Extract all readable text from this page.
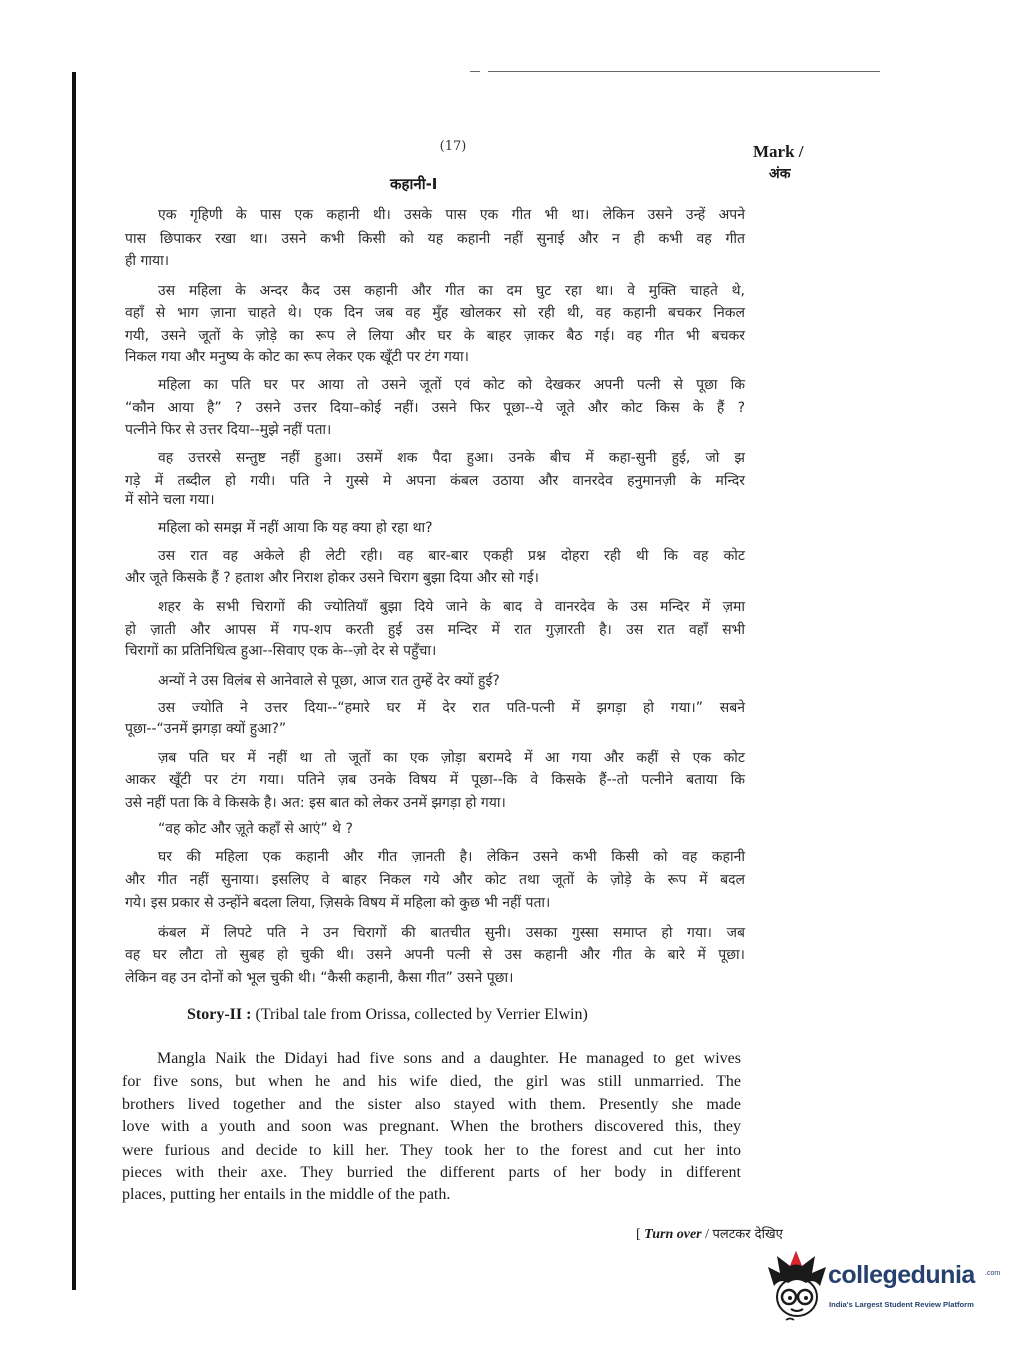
(17)	Mark /
अंक
कहानी-I
एक गृहिणी के पास एक कहानी थी। उसके पास एक गीत भी था। लेकिन उसने उन्हें अपने
पास छिपाकर रखा था। उसने कभी किसी को यह कहानी नहीं सुनाई और न ही कभी वह गीत
ही गाया।
उस महिला के अन्दर कैद उस कहानी और गीत का दम घुट रहा था। वे मुक्ति चाहते थे,
वहाँ से भाग ज़ाना चाहते थे। एक दिन जब वह मुँह खोलकर सो रही थी, वह कहानी बचकर निकल
गयी, उसने जूतों के ज़ोड़े का रूप ले लिया और घर के बाहर ज़ाकर बैठ गई। वह गीत भी बचकर
निकल गया और मनुष्य के कोट का रूप लेकर एक खूँटी पर टंग गया।
महिला का पति घर पर आया तो उसने जूतों एवं कोट को देखकर अपनी पत्नी से पूछा कि
“कौन आया है” ? उसने उत्तर दिया–कोई नहीं। उसने फिर पूछा--ये जूते और कोट किस के हैं ?
पत्नीने फिर से उत्तर दिया--मुझे नहीं पता।
वह उत्तरसे सन्तुष्ट नहीं हुआ। उसमें शक पैदा हुआ। उनके बीच में कहा-सुनी हुई, जो झ
गड़े में तब्दील हो गयी। पति ने गुस्से मे अपना कंबल उठाया और वानरदेव हनुमानज़ी के मन्दिर
में सोने चला गया।
महिला को समझ में नहीं आया कि यह क्या हो रहा था?
उस रात वह अकेले ही लेटी रही। वह बार-बार एकही प्रश्न दोहरा रही थी कि वह कोट
और जूते किसके हैं ? हताश और निराश होकर उसने चिराग बुझा दिया और सो गई।
शहर के सभी चिरागों की ज्योतियाँ बुझा दिये जाने के बाद वे वानरदेव के उस मन्दिर में ज़मा
हो ज़ाती और आपस में गप-शप करती हुई उस मन्दिर में रात गुज़ारती है। उस रात वहाँ सभी
चिरागों का प्रतिनिधित्व हुआ--सिवाए एक के--ज़ो देर से पहुँचा।
अन्यों ने उस विलंब से आनेवाले से पूछा, आज रात तुम्हें देर क्यों हुई?
उस ज्योति ने उत्तर दिया--“हमारे घर में देर रात पति-पत्नी में झगड़ा हो गया।” सबने
पूछा--“उनमें झगड़ा क्यों हुआ?”
ज़ब पति घर में नहीं था तो जूतों का एक ज़ोड़ा बरामदे में आ गया और कहीं से एक कोट
आकर खूँटी पर टंग गया। पतिने ज़ब उनके विषय में पूछा--कि वे किसके हैं--तो पत्नीने बताया कि
उसे नहीं पता कि वे किसके है। अत: इस बात को लेकर उनमें झगड़ा हो गया।
“वह कोट और ज़ूते कहाँ से आएं” थे ?
घर की महिला एक कहानी और गीत ज़ानती है। लेकिन उसने कभी किसी को वह कहानी
और गीत नहीं सुनाया। इसलिए वे बाहर निकल गये और कोट तथा जूतों के ज़ोड़े के रूप में बदल
गये। इस प्रकार से उन्होंने बदला लिया, ज़िसके विषय में महिला को कुछ भी नहीं पता।
कंबल में लिपटे पति ने उन चिरागों की बातचीत सुनी। उसका गुस्सा समाप्त हो गया। जब
वह घर लौटा तो सुबह हो चुकी थी। उसने अपनी पत्नी से उस कहानी और गीत के बारे में पूछा।
लेकिन वह उन दोनों को भूल चुकी थी। “कैसी कहानी, कैसा गीत” उसने पूछा।
Story-II : (Tribal tale from Orissa, collected by Verrier Elwin)
Mangla Naik the Didayi had five sons and a daughter. He managed to get wives
for five sons, but when he and his wife died, the girl was still unmarried. The
brothers lived together and the sister also stayed with them. Presently she made
love with a youth and soon was pregnant. When the brothers discovered this, they
were furious and decide to kill her. They took her to the forest and cut her into
pieces with their axe. They burried the different parts of her body in different
places, putting her entails in the middle of the path.
[ Turn over / पलटकर देखिए
collegedunia .com
India's Largest Student Review Platform
